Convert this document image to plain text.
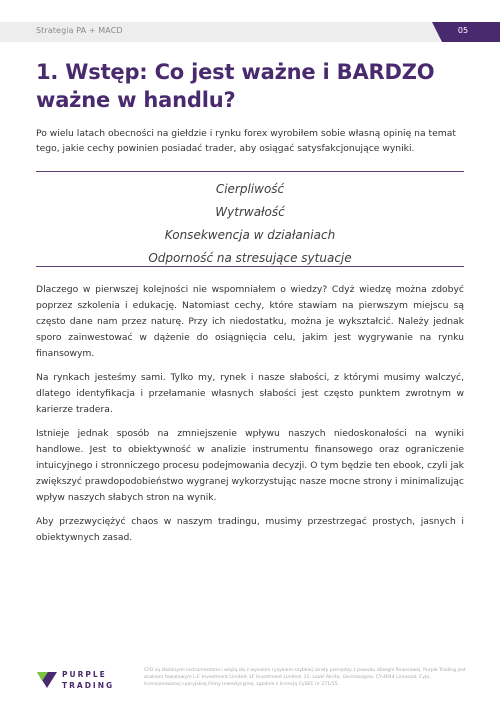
Strategia PA + MACD	05
1. Wstęp: Co jest ważne i BARDZO ważne w handlu?

Po wielu latach obecności na giełdzie i rynku forex wyrobiłem sobie własną opinię na temat tego, jakie cechy powinien posiadać trader, aby osiągać satysfakcjonujące wyniki.

Cierpliwość
Wytrwałość
Konsekwencja w działaniach
Odporność na stresujące sytuacje

Dlaczego w pierwszej kolejności nie wspomniałem o wiedzy? Cdyż wiedzę można zdobyć poprzez szkolenia i edukację. Natomiast cechy, które stawiam na pierwszym miejscu są często dane nam przez naturę. Przy ich niedostatku, można je wykształcić. Należy jednak sporo zainwestować w dążenie do osiągnięcia celu, jakim jest wygrywanie na rynku finansowym.

Na rynkach jesteśmy sami. Tylko my, rynek i nasze słabości, z którymi musimy walczyć, dlatego identyfikacja i przełamanie własnych słabości jest często punktem zwrotnym w karierze tradera.

Istnieje jednak sposób na zmniejszenie wpływu naszych niedoskonałości na wyniki handlowe. Jest to obiektywność w analizie instrumentu finansowego oraz ograniczenie intuicyjnego i stronniczego procesu podejmowania decyzji. O tym będzie ten ebook, czyli jak zwiększyć prawdopodobieństwo wygranej wykorzystując nasze mocne strony i minimalizując wpływ naszych słabych stron na wynik.

Aby przezwyciężyć chaos w naszym tradingu, musimy przestrzegać prostych, jasnych i obiektywnych zasad.

PURPLE
TRADING

CFD są złożonymi instrumentami i wiążą się z wysokim ryzykiem szybkiej utraty pieniędzy z powodu dźwigni finansowej. Purple Trading jest znakiem towarowym L.F. Investment Limited. LF Investment Limited, 11, Louki Akrita, Germasogeia, CY-4044 Limassol, Cypr, licencjonowanej cypryjskiej Firmy Inwestycyjnej, zgodnie z licencją CySEC nr 271/15.
